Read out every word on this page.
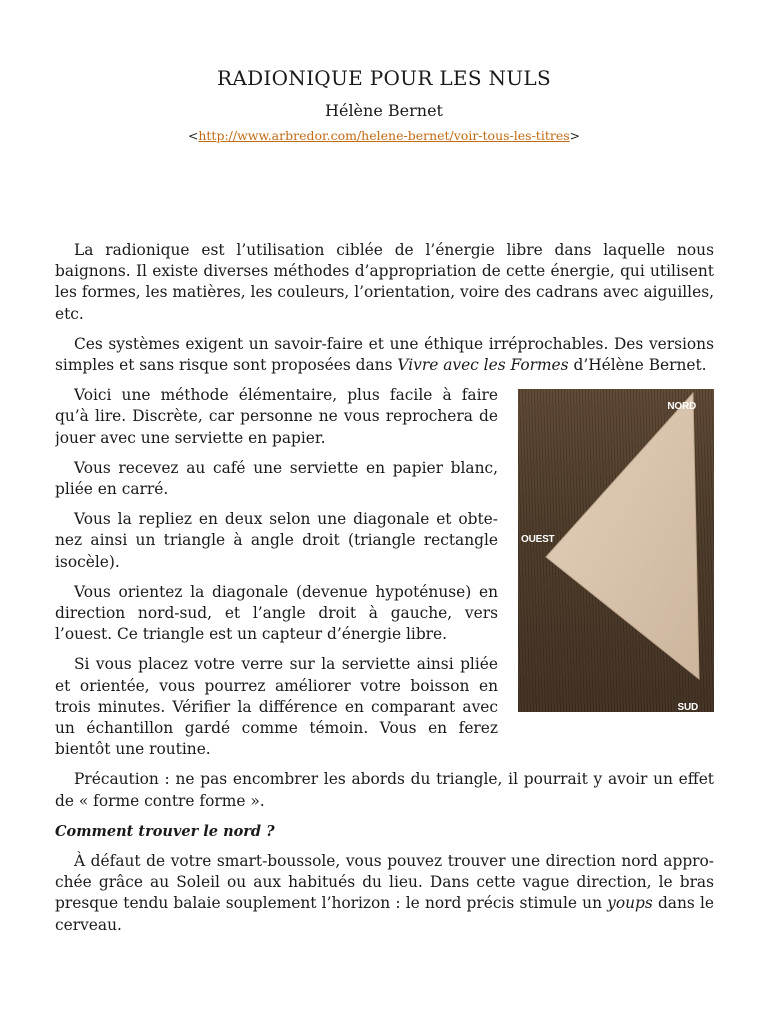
RADIONIQUE POUR LES NULS
Hélène Bernet
<http://www.arbredor.com/helene-bernet/voir-tous-les-titres>

La radionique est l’utilisation ciblée de l’énergie libre dans laquelle nous baignons. Il existe diverses méthodes d’appropriation de cette énergie, qui utilisent les formes, les matières, les couleurs, l’orientation, voire des cadrans avec aiguilles, etc.

Ces systèmes exigent un savoir-faire et une éthique irréprochables. Des versions simples et sans risque sont proposées dans Vivre avec les Formes d’Hélène Bernet.

NORD
OUEST
SUD

Voici une méthode élémentaire, plus facile à faire qu’à lire. Discrète, car personne ne vous reprochera de jouer avec une serviette en papier.

Vous recevez au café une serviette en papier blanc, pliée en carré.

Vous la repliez en deux selon une diagonale et obtenez ainsi un triangle à angle droit (triangle rectangle isocèle).

Vous orientez la diagonale (devenue hypoténuse) en direction nord-sud, et l’angle droit à gauche, vers l’ouest. Ce triangle est un capteur d’énergie libre.

Si vous placez votre verre sur la serviette ainsi pliée et orientée, vous pourrez améliorer votre boisson en trois minutes. Vérifier la différence en comparant avec un échantillon gardé comme témoin. Vous en ferez bientôt une routine.

Précaution : ne pas encombrer les abords du triangle, il pourrait y avoir un effet de « forme contre forme ».

Comment trouver le nord ?

À défaut de votre smart-boussole, vous pouvez trouver une direction nord approchée grâce au Soleil ou aux habitués du lieu. Dans cette vague direction, le bras presque tendu balaie souplement l’horizon : le nord précis stimule un youps dans le cerveau.
